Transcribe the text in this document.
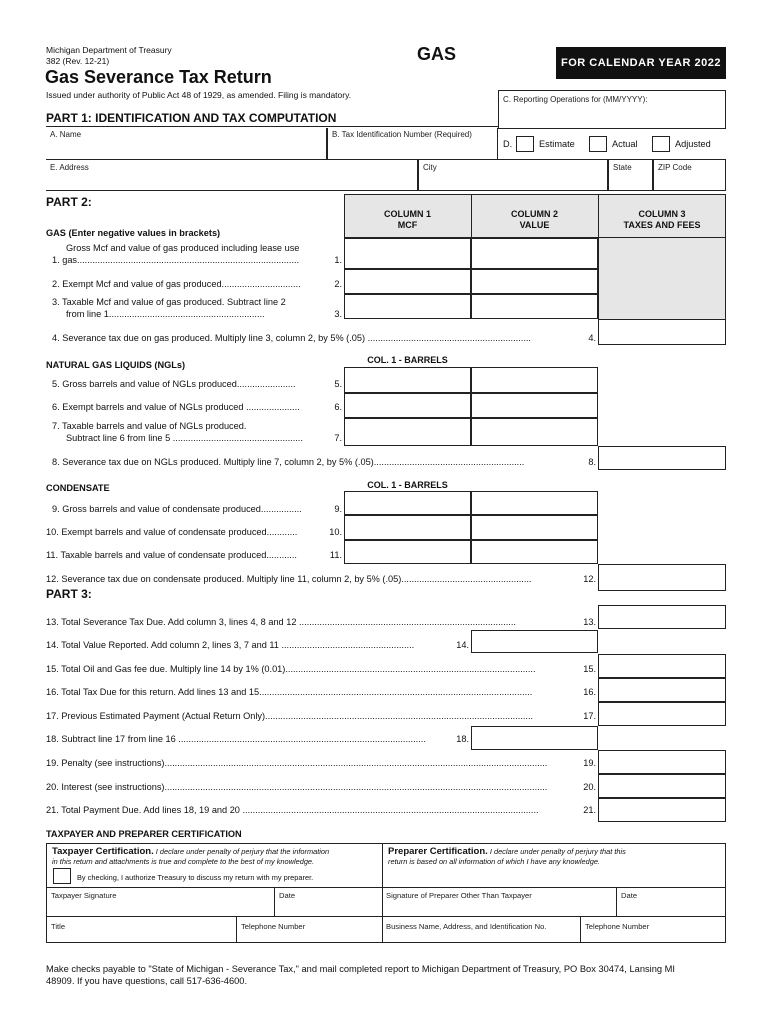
Michigan Department of Treasury
382 (Rev. 12-21)
Gas Severance Tax Return
Issued under authority of Public Act 48 of 1929, as amended. Filing is mandatory.
GAS	FOR CALENDAR YEAR 2022
C. Reporting Operations for (MM/YYYY):
PART 1: IDENTIFICATION AND TAX COMPUTATION
A. Name	B. Tax Identification Number (Required)
D.	Estimate	Actual	Adjusted
E. Address	City	State	ZIP Code
PART 2:
COLUMN 1
MCF
COLUMN 2
VALUE
COLUMN 3
TAXES AND FEES
GAS (Enter negative values in brackets)
Gross Mcf and value of gas produced including lease use
1. gas.......................................................................................	1.
2. Exempt Mcf and value of gas produced...............................	2.
3. Taxable Mcf and value of gas produced. Subtract line 2
from line 1.............................................................	3.
4. Severance tax due on gas produced. Multiply line 3, column 2, by 5% (.05) ................................................................	4.
NATURAL GAS LIQUIDS (NGLs)	COL. 1 - BARRELS
5. Gross barrels and value of NGLs produced.......................	5.
6. Exempt barrels and value of NGLs produced .....................	6.
7. Taxable barrels and value of NGLs produced.
Subtract line 6 from line 5 ...................................................	7.
8. Severance tax due on NGLs produced. Multiply line 7, column 2, by 5% (.05)...........................................................	8.
CONDENSATE	COL. 1 - BARRELS
9. Gross barrels and value of condensate produced................	9.
10. Exempt barrels and value of condensate produced............	10.
11. Taxable barrels and value of condensate produced............	11.
12. Severance tax due on condensate produced. Multiply line 11, column 2, by 5% (.05)...................................................	12.
PART 3:
13. Total Severance Tax Due. Add column 3, lines 4, 8 and 12 .....................................................................................	13.
14. Total Value Reported. Add column 2, lines 3, 7 and 11 ....................................................	14.
15. Total Oil and Gas fee due. Multiply line 14 by 1% (0.01)..................................................................................................	15.
16. Total Tax Due for this return. Add lines 13 and 15...........................................................................................................	16.
17. Previous Estimated Payment (Actual Return Only).........................................................................................................	17.
18. Subtract line 17 from line 16 .................................................................................................	18.
19. Penalty (see instructions)......................................................................................................................................................	19.
20. Interest (see instructions)......................................................................................................................................................	20.
21. Total Payment Due. Add lines 18, 19 and 20 ....................................................................................................................	21.
TAXPAYER AND PREPARER CERTIFICATION
Taxpayer Certification. I declare under penalty of perjury that the information
in this return and attachments is true and complete to the best of my knowledge.
By checking, I authorize Treasury to discuss my return with my preparer.
Preparer Certification. I declare under penalty of perjury that this
return is based on all information of which I have any knowledge.
Taxpayer Signature	Date	Signature of Preparer Other Than Taxpayer	Date
Title	Telephone Number	Business Name, Address, and Identification No.	Telephone Number
Make checks payable to "State of Michigan - Severance Tax," and mail completed report to Michigan Department of Treasury, PO Box 30474, Lansing MI
48909. If you have questions, call 517-636-4600.
